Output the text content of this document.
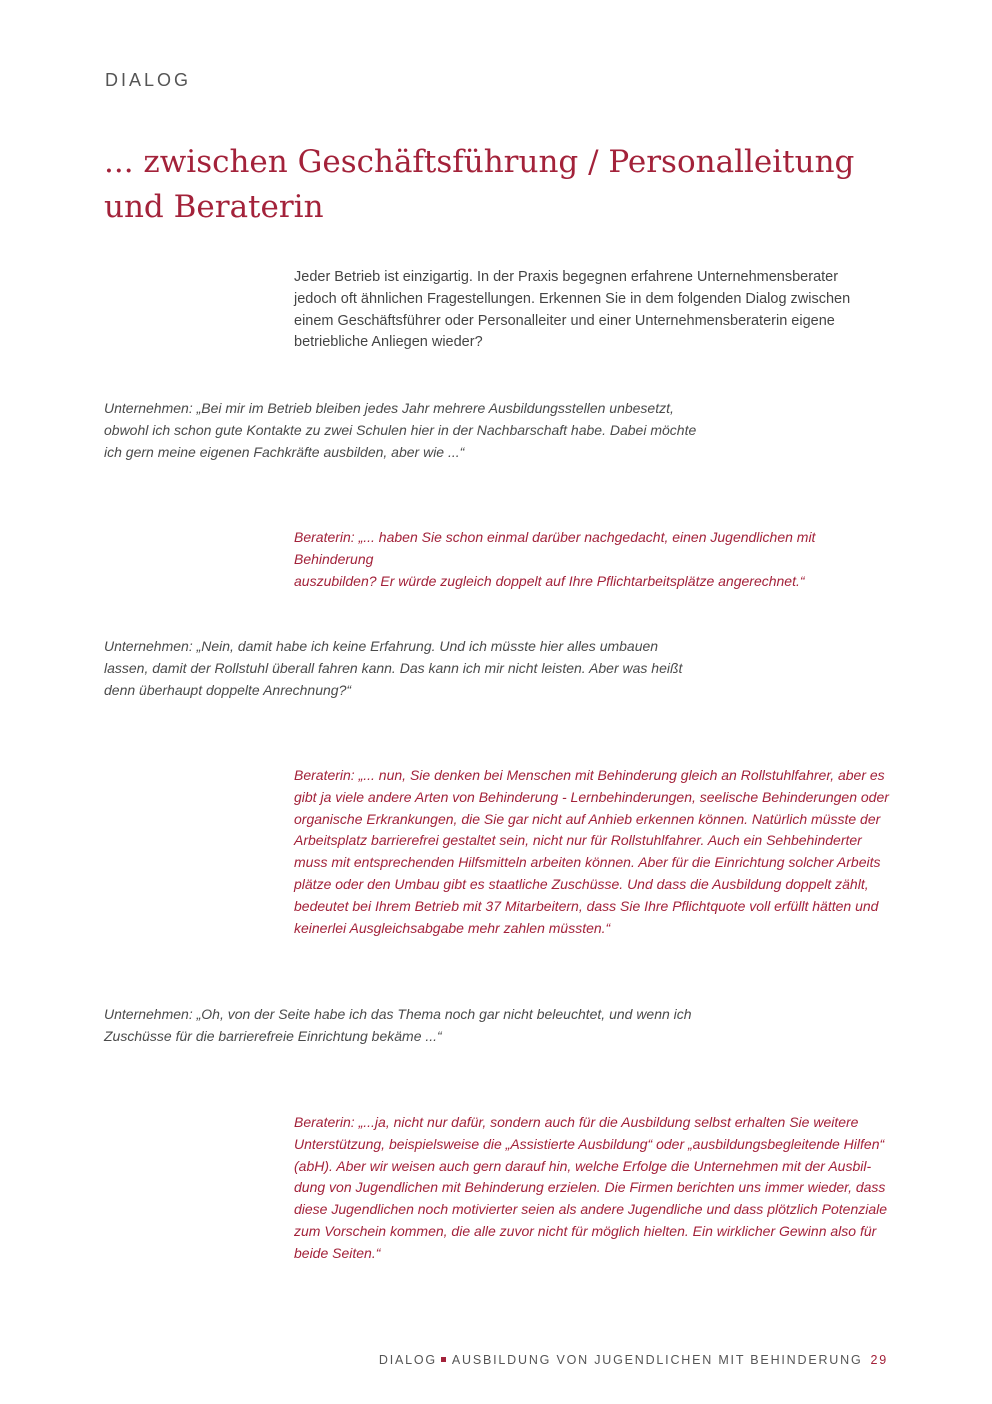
DIALOG
... zwischen Geschäftsführung / Personalleitung
und Beraterin

Jeder Betrieb ist einzigartig. In der Praxis begegnen erfahrene Unternehmensberater
jedoch oft ähnlichen Fragestellungen. Erkennen Sie in dem folgenden Dialog zwischen
einem Geschäftsführer oder Personalleiter und einer Unternehmensberaterin eigene
betriebliche Anliegen wieder?

Unternehmen: „Bei mir im Betrieb bleiben jedes Jahr mehrere Ausbildungsstellen unbesetzt,
obwohl ich schon gute Kontakte zu zwei Schulen hier in der Nachbarschaft habe. Dabei möchte
ich gern meine eigenen Fachkräfte ausbilden, aber wie ...“

Beraterin: „... haben Sie schon einmal darüber nachgedacht, einen Jugendlichen mit Behinderung
auszubilden? Er würde zugleich doppelt auf Ihre Pflichtarbeitsplätze angerechnet.“

Unternehmen: „Nein, damit habe ich keine Erfahrung. Und ich müsste hier alles umbauen
lassen, damit der Rollstuhl überall fahren kann. Das kann ich mir nicht leisten. Aber was heißt
denn überhaupt doppelte Anrechnung?“

Beraterin: „... nun, Sie denken bei Menschen mit Behinderung gleich an Rollstuhlfahrer, aber es
gibt ja viele andere Arten von Behinderung - Lernbehinderungen, seelische Behinderungen oder
organische Erkrankungen, die Sie gar nicht auf Anhieb erkennen können. Natürlich müsste der
Arbeitsplatz barrierefrei gestaltet sein, nicht nur für Rollstuhlfahrer. Auch ein Sehbehinderter
muss mit entsprechenden Hilfsmitteln arbeiten können. Aber für die Einrichtung solcher Arbeits
plätze oder den Umbau gibt es staatliche Zuschüsse. Und dass die Ausbildung doppelt zählt,
bedeutet bei Ihrem Betrieb mit 37 Mitarbeitern, dass Sie Ihre Pflichtquote voll erfüllt hätten und
keinerlei Ausgleichsabgabe mehr zahlen müssten.“

Unternehmen: „Oh, von der Seite habe ich das Thema noch gar nicht beleuchtet, und wenn ich
Zuschüsse für die barrierefreie Einrichtung bekäme ...“

Beraterin: „...ja, nicht nur dafür, sondern auch für die Ausbildung selbst erhalten Sie weitere
Unterstützung, beispielsweise die „Assistierte Ausbildung“ oder „ausbildungsbegleitende Hilfen“
(abH). Aber wir weisen auch gern darauf hin, welche Erfolge die Unternehmen mit der Ausbil-
dung von Jugendlichen mit Behinderung erzielen. Die Firmen berichten uns immer wieder, dass
diese Jugendlichen noch motivierter seien als andere Jugendliche und dass plötzlich Potenziale
zum Vorschein kommen, die alle zuvor nicht für möglich hielten. Ein wirklicher Gewinn also für
beide Seiten.“

DIALOG AUSBILDUNG VON JUGENDLICHEN MIT BEHINDERUNG 29
